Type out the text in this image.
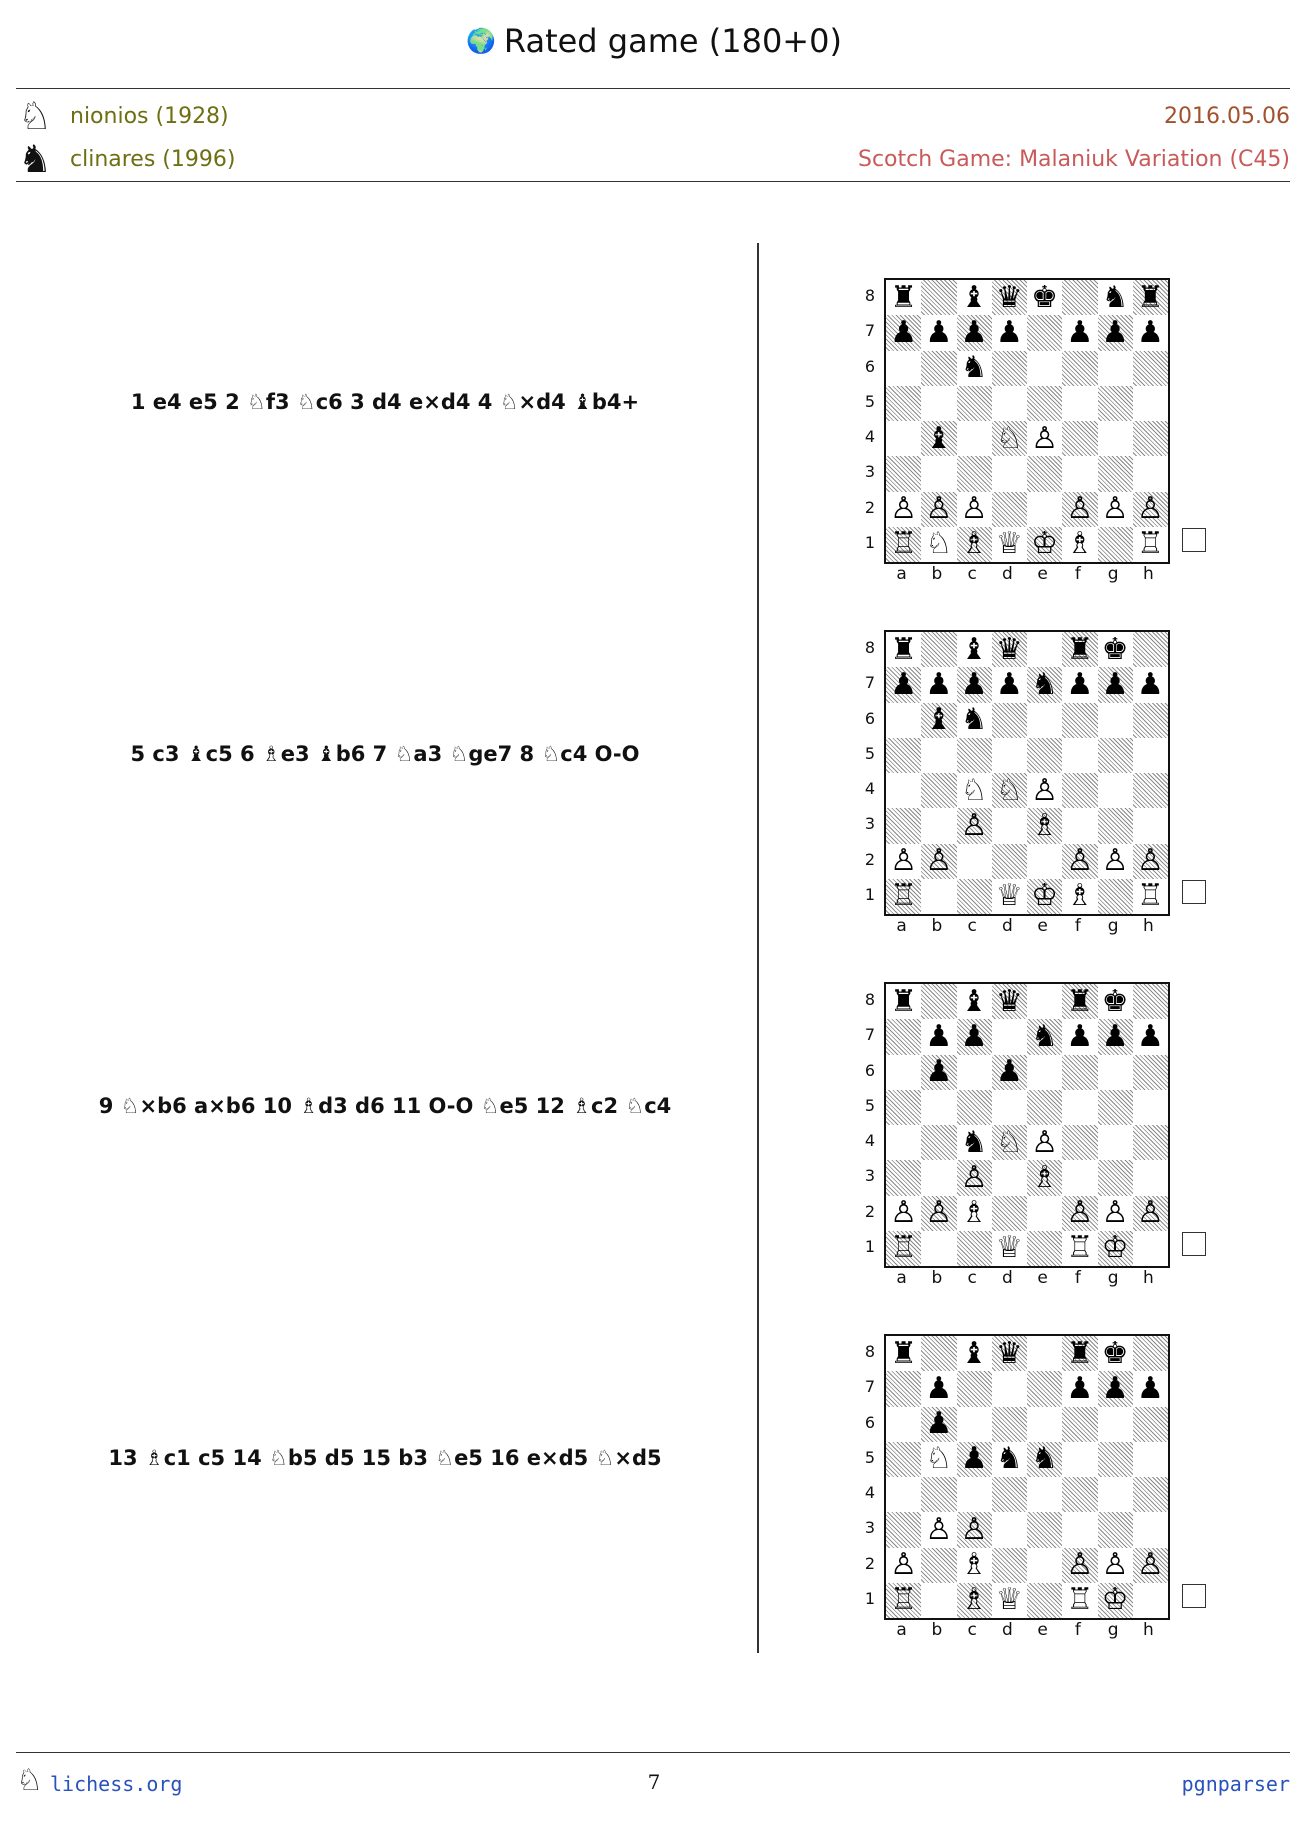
🌍 Rated game (180+0)
♘ nionios (1928)	2016.05.06
♞ clinares (1996)	Scotch Game: Malaniuk Variation (C45)
1 e4 e5 2 ♘f3 ♘c6 3 d4 e×d4 4 ♘×d4 ♝b4+
8
7
6
5
4
3
2
1
♜ ♝ ♛ ♚ ♞ ♜
♟ ♟ ♟ ♟ ♟ ♟ ♟
♞
♝ ♘ ♙
♙ ♙ ♙	♙ ♙ ♙
♖ ♘ ♗ ♕ ♔ ♗ ♖
a	b	c	d	e	f	g	h
5 c3 ♝c5 6 ♗e3 ♝b6 7 ♘a3 ♘ge7 8 ♘c4 O-O
8
7
6
5
4
3
2
1
♜ ♝ ♛ ♜ ♚
♟ ♟ ♟ ♟ ♞ ♟ ♟ ♟
♝ ♞
♘ ♘ ♙
♙ ♗
♙ ♙	♙ ♙ ♙
♖	♕ ♔ ♗ ♖
a	b	c	d	e	f	g	h
9 ♘×b6 a×b6 10 ♗d3 d6 11 O-O ♘e5 12 ♗c2 ♘c4
8
7
6
5
4
3
2
1
♜ ♝ ♛ ♜ ♚
♟ ♟ ♞ ♟ ♟ ♟
♟ ♟
♞ ♘ ♙
♙ ♗
♙ ♙ ♗	♙ ♙ ♙
♖	♕ ♖ ♔
a	b	c	d	e	f	g	h
13 ♗c1 c5 14 ♘b5 d5 15 b3 ♘e5 16 e×d5 ♘×d5
8
7
6
5
4
3
2
1
♜ ♝ ♛ ♜ ♚
♟	♟ ♟ ♟
♟
♘ ♟ ♞ ♞
♙ ♙
♙ ♗	♙ ♙ ♙
♖ ♗ ♕ ♖ ♔
a	b	c	d	e	f	g	h
♘ lichess.org	7	pgnparser
